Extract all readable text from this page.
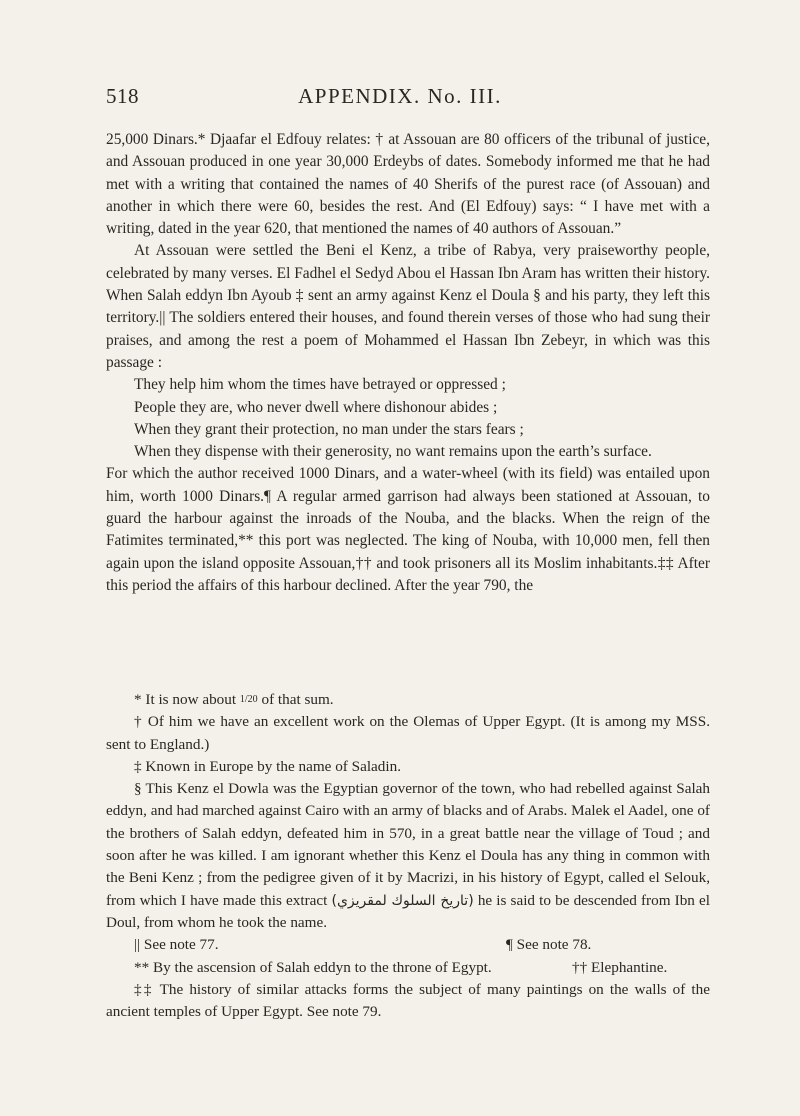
518	APPENDIX. No. III.

25,000 Dinars.* Djaafar el Edfouy relates: † at Assouan are 80 officers of the tribunal of justice, and Assouan produced in one year 30,000 Erdeybs of dates. Somebody informed me that he had met with a writing that contained the names of 40 Sherifs of the purest race (of Assouan) and another in which there were 60, besides the rest. And (El Edfouy) says: “ I have met with a writing, dated in the year 620, that mentioned the names of 40 authors of Assouan.”

At Assouan were settled the Beni el Kenz, a tribe of Rabya, very praiseworthy people, celebrated by many verses. El Fadhel el Sedyd Abou el Hassan Ibn Aram has written their history. When Salah eddyn Ibn Ayoub ‡ sent an army against Kenz el Doula § and his party, they left this territory.|| The soldiers entered their houses, and found therein verses of those who had sung their praises, and among the rest a poem of Mohammed el Hassan Ibn Zebeyr, in which was this passage :

They help him whom the times have betrayed or oppressed ;
People they are, who never dwell where dishonour abides ;
When they grant their protection, no man under the stars fears ;
When they dispense with their generosity, no want remains upon the earth’s surface.

For which the author received 1000 Dinars, and a water-wheel (with its field) was entailed upon him, worth 1000 Dinars.¶ A regular armed garrison had always been stationed at Assouan, to guard the harbour against the inroads of the Nouba, and the blacks. When the reign of the Fatimites terminated,** this port was neglected. The king of Nouba, with 10,000 men, fell then again upon the island opposite Assouan,†† and took prisoners all its Moslim inhabitants.‡‡ After this period the affairs of this harbour declined. After the year 790, the

* It is now about 1/20 of that sum.

† Of him we have an excellent work on the Olemas of Upper Egypt. (It is among my MSS. sent to England.)

‡ Known in Europe by the name of Saladin.

§ This Kenz el Dowla was the Egyptian governor of the town, who had rebelled against Salah eddyn, and had marched against Cairo with an army of blacks and of Arabs. Malek el Aadel, one of the brothers of Salah eddyn, defeated him in 570, in a great battle near the village of Toud ; and soon after he was killed. I am ignorant whether this Kenz el Doula has any thing in common with the Beni Kenz ; from the pedigree given of it by Macrizi, in his history of Egypt, called el Selouk, from which I have made this extract (تاريخ السلوك لمقريزي) he is said to be descended from Ibn el Doul, from whom he took the name.

|| See note 77.	¶ See note 78.
** By the ascension of Salah eddyn to the throne of Egypt.	†† Elephantine.

‡‡ The history of similar attacks forms the subject of many paintings on the walls of the ancient temples of Upper Egypt. See note 79.
